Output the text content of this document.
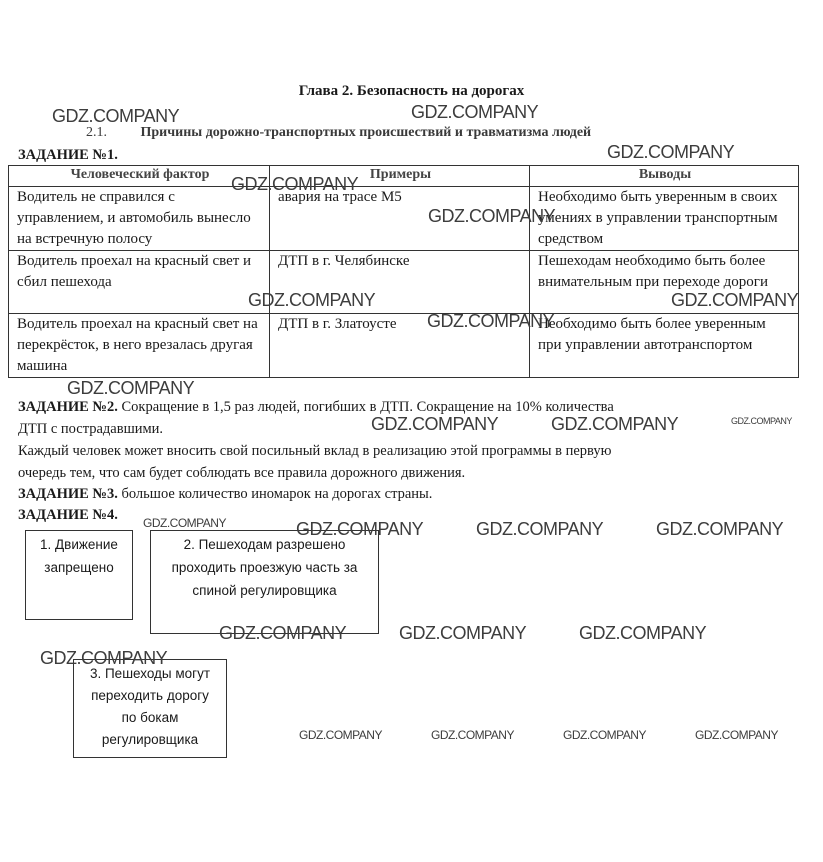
Глава 2. Безопасность на дорогах
2.1. Причины дорожно-транспортных происшествий и травматизма людей
ЗАДАНИЕ №1.
Человеческий фактор	Примеры	Выводы
Водитель не справился с управлением, и автомобиль вынесло на встречную полосу	авария на трасе М5	Необходимо быть уверенным в своих умениях в управлении транспортным средством
Водитель проехал на красный свет и сбил пешехода	ДТП в г. Челябинске	Пешеходам необходимо быть более внимательным при переходе дороги
Водитель проехал на красный свет на перекрёсток, в него врезалась другая машина	ДТП в г. Златоусте	Необходимо быть более уверенным при управлении автотранспортом
ЗАДАНИЕ №2. Сокращение в 1,5 раз людей, погибших в ДТП. Сокращение на 10% количества
ДТП с пострадавшими.
Каждый человек может вносить свой посильный вклад в реализацию этой программы в первую
очередь тем, что сам будет соблюдать все правила дорожного движения.
ЗАДАНИЕ №3. большое количество иномарок на дорогах страны.
ЗАДАНИЕ №4.
1. Движение
запрещено
2. Пешеходам разрешено
проходить проезжую часть за
спиной регулировщика
3. Пешеходы могут
переходить дорогу
по бокам
регулировщика
GDZ.COMPANY	GDZ.COMPANY
GDZ.COMPANY
GDZ.COMPANY
GDZ.COMPANY
GDZ.COMPANY	GDZ.COMPANY
GDZ.COMPANY
GDZ.COMPANY
GDZ.COMPANY	GDZ.COMPANY	GDZ.COMPANY
GDZ.COMPANY	GDZ.COMPANY	GDZ.COMPANY	GDZ.COMPANY
GDZ.COMPANY	GDZ.COMPANY	GDZ.COMPANY
GDZ.COMPANY
GDZ.COMPANY	GDZ.COMPANY	GDZ.COMPANY	GDZ.COMPANY
